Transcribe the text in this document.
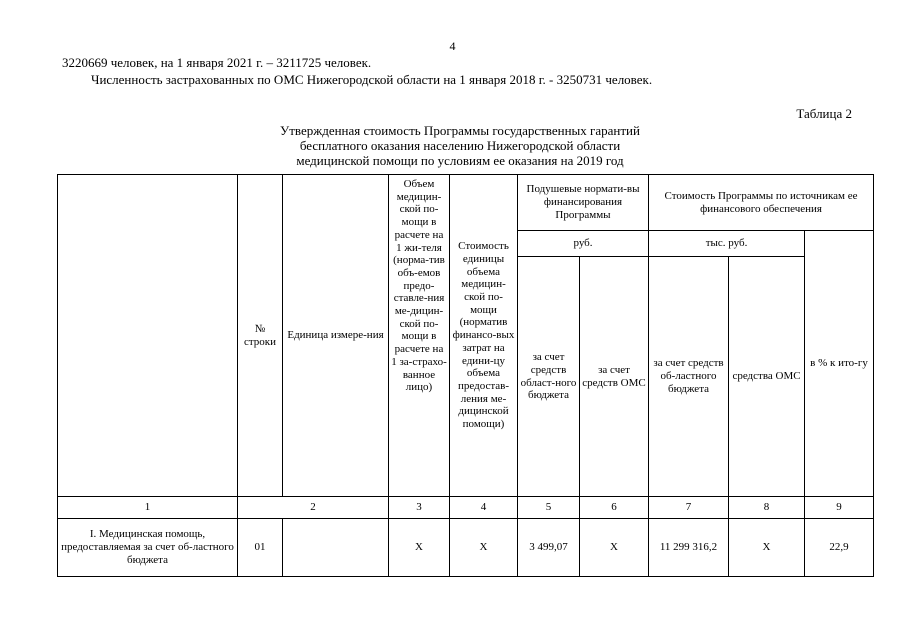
4
3220669 человек, на 1 января 2021 г. – 3211725 человек.
Численность застрахованных по ОМС Нижегородской области на 1 января 2018 г. - 3250731 человек.
Таблица 2
Утвержденная стоимость Программы государственных гарантий
бесплатного оказания населению Нижегородской области
медицинской помощи по условиям ее оказания на 2019 год
	№ строки	Единица измере-ния	Объем медицин-ской по-мощи в расчете на 1 жи-теля (норма-тив объ-емов предо-ставле-ния ме-дицин-ской по-мощи в расчете на 1 за-страхо-ванное лицо)	Стоимость единицы объема медицин-ской по-мощи (норматив финансо-вых затрат на едини-цу объема предостав-ления ме-дицинской помощи)	Подушевые нормати-вы финансирования Программы		Стоимость Программы по источникам ее финансового обеспечения		
					руб.		тыс. руб.		в % к ито-гу
					за счет средств област-ного бюджета	за счет средств ОМС	за счет средств об-ластного бюджета	средства ОМС	
1	2		3	4	5	6	7	8	9
I. Медицинская помощь, предоставляемая за счет об-ластного бюджета	01		X	X	3 499,07	X	11 299 316,2	X	22,9
